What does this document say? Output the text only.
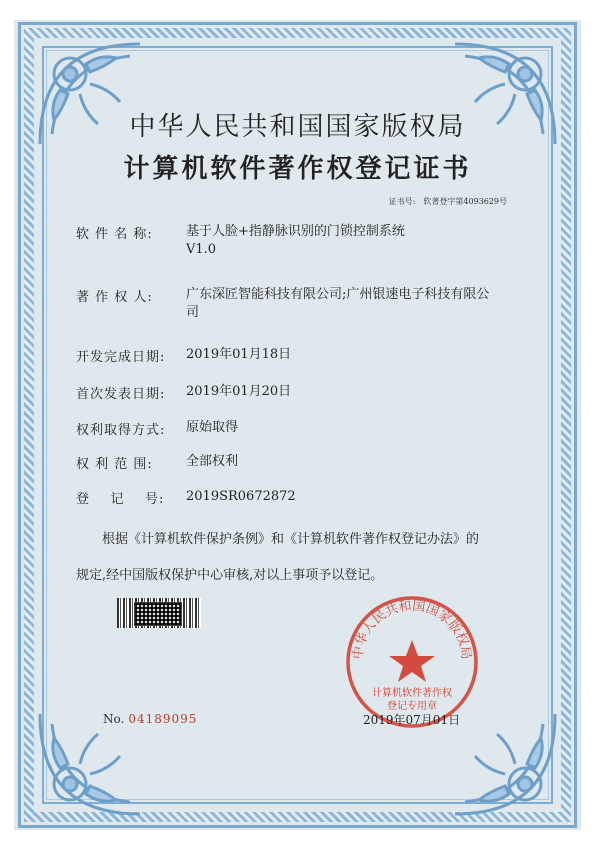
中华人民共和国国家版权局
计算机软件著作权登记证书
证书号: 软著登字第4093629号
软 件 名 称:	基于人脸+指静脉识别的门锁控制系统
V1.0
著 作 权 人:	广东深匠智能科技有限公司;广州银速电子科技有限公
司
开发完成日期: 2019年01月18日
首次发表日期: 2019年01月20日
权利取得方式: 原始取得
权 利 范 围:	全部权利
登    记    号: 2019SR0672872
根据《计算机软件保护条例》和《计算机软件著作权登记办法》的
规定,经中国版权保护中心审核,对以上事项予以登记。
中华人民共和国国家版权局
计算机软件著作权
登记专用章
No. 04189095	2019年07月01日
